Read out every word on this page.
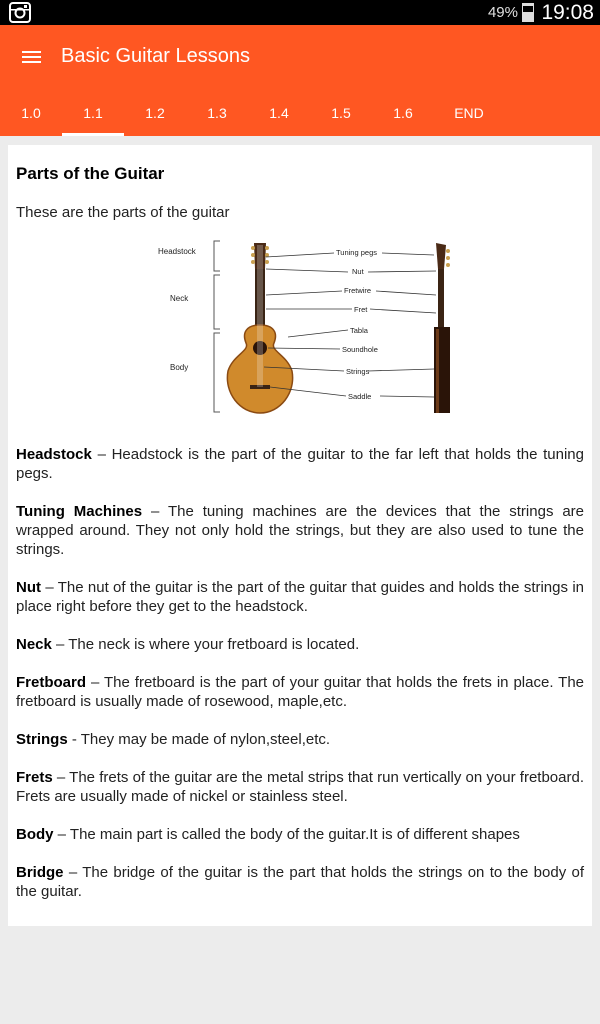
49% 19:08
Basic Guitar Lessons
1.0	1.1	1.2	1.3	1.4	1.5	1.6	END
Parts of the Guitar
These are the parts of the guitar
Headstock
Neck
Body
Tuning pegs
Nut
Fretwire
Fret
Tabla
Soundhole
Strings
Saddle
Headstock – Headstock is the part of the guitar to the far left that holds the tuning pegs.
Tuning Machines – The tuning machines are the devices that the strings are wrapped around. They not only hold the strings, but they are also used to tune the strings.
Nut – The nut of the guitar is the part of the guitar that guides and holds the strings in place right before they get to the headstock.
Neck – The neck is where your fretboard is located.
Fretboard – The fretboard is the part of your guitar that holds the frets in place. The fretboard is usually made of rosewood, maple,etc.
Strings - They may be made of nylon,steel,etc.
Frets – The frets of the guitar are the metal strips that run vertically on your fretboard. Frets are usually made of nickel or stainless steel.
Body – The main part is called the body of the guitar.It is of different shapes
Bridge – The bridge of the guitar is the part that holds the strings on to the body of the guitar.
